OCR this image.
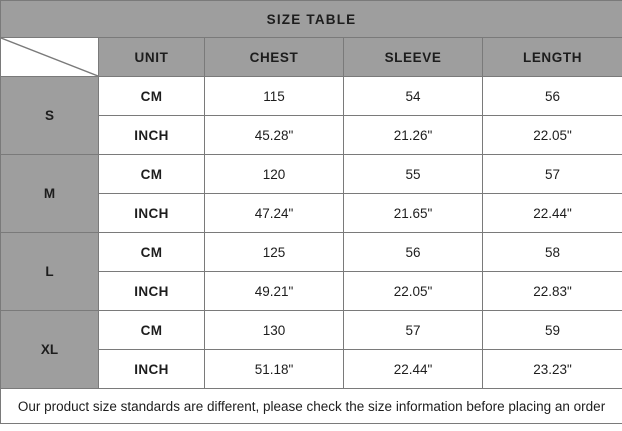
SIZE TABLE				

	UNIT	CHEST	SLEEVE	LENGTH
S	CM	115	54	56
	INCH	45.28"	21.26"	22.05"
M	CM	120	55	57
	INCH	47.24"	21.65"	22.44"
L	CM	125	56	58
	INCH	49.21"	22.05"	22.83"
XL	CM	130	57	59
	INCH	51.18"	22.44"	23.23"
Our product size standards are different, please check the size information before placing an order				
